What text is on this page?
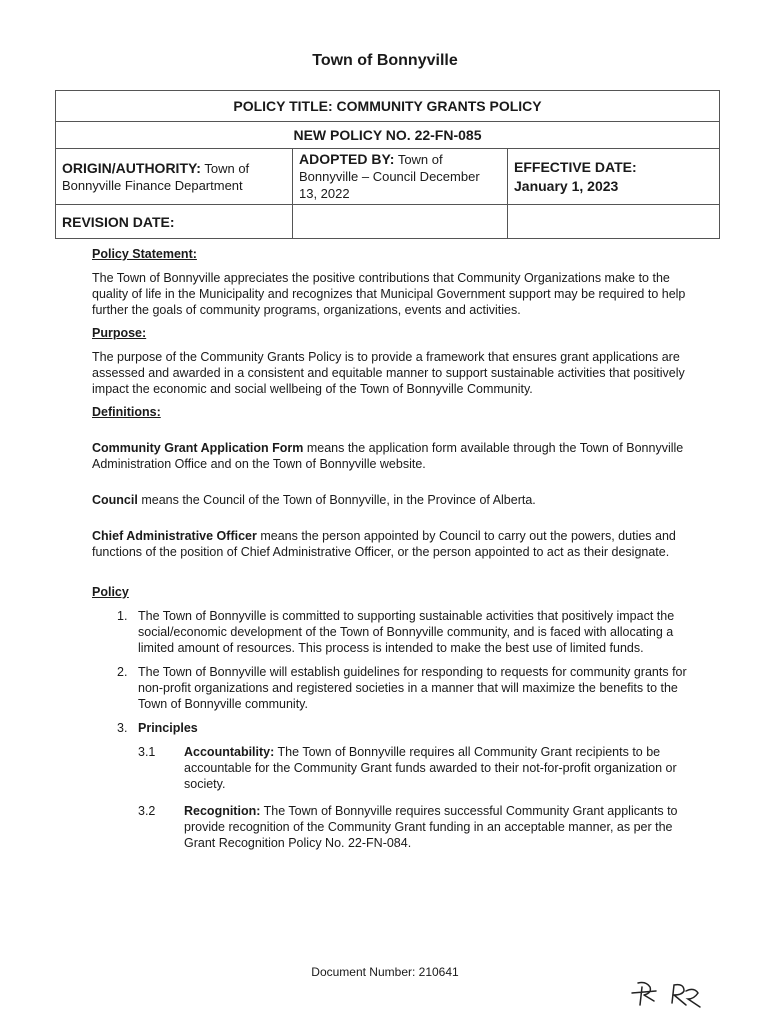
Town of Bonnyville
POLICY TITLE: COMMUNITY GRANTS POLICY		
NEW POLICY NO. 22-FN-085		
ORIGIN/AUTHORITY: Town of Bonnyville Finance Department	ADOPTED BY: Town of Bonnyville – Council December 13, 2022	EFFECTIVE DATE:
January 1, 2023

REVISION DATE:		
Policy Statement:

The Town of Bonnyville appreciates the positive contributions that Community Organizations make to the quality of life in the Municipality and recognizes that Municipal Government support may be required to help further the goals of community programs, organizations, events and activities.

Purpose:

The purpose of the Community Grants Policy is to provide a framework that ensures grant applications are assessed and awarded in a consistent and equitable manner to support sustainable activities that positively impact the economic and social wellbeing of the Town of Bonnyville Community.

Definitions:

Community Grant Application Form means the application form available through the Town of Bonnyville Administration Office and on the Town of Bonnyville website.

Council means the Council of the Town of Bonnyville, in the Province of Alberta.

Chief Administrative Officer means the person appointed by Council to carry out the powers, duties and functions of the position of Chief Administrative Officer, or the person appointed to act as their designate.

Policy
1. The Town of Bonnyville is committed to supporting sustainable activities that positively impact the social/economic development of the Town of Bonnyville community, and is faced with allocating a limited amount of resources. This process is intended to make the best use of limited funds.
2. The Town of Bonnyville will establish guidelines for responding to requests for community grants for non-profit organizations and registered societies in a manner that will maximize the benefits to the Town of Bonnyville community.
3. Principles
3.1 Accountability: The Town of Bonnyville requires all Community Grant recipients to be accountable for the Community Grant funds awarded to their not-for-profit organization or society.
3.2 Recognition: The Town of Bonnyville requires successful Community Grant applicants to provide recognition of the Community Grant funding in an acceptable manner, as per the Grant Recognition Policy No. 22-FN-084.
Document Number: 210641
